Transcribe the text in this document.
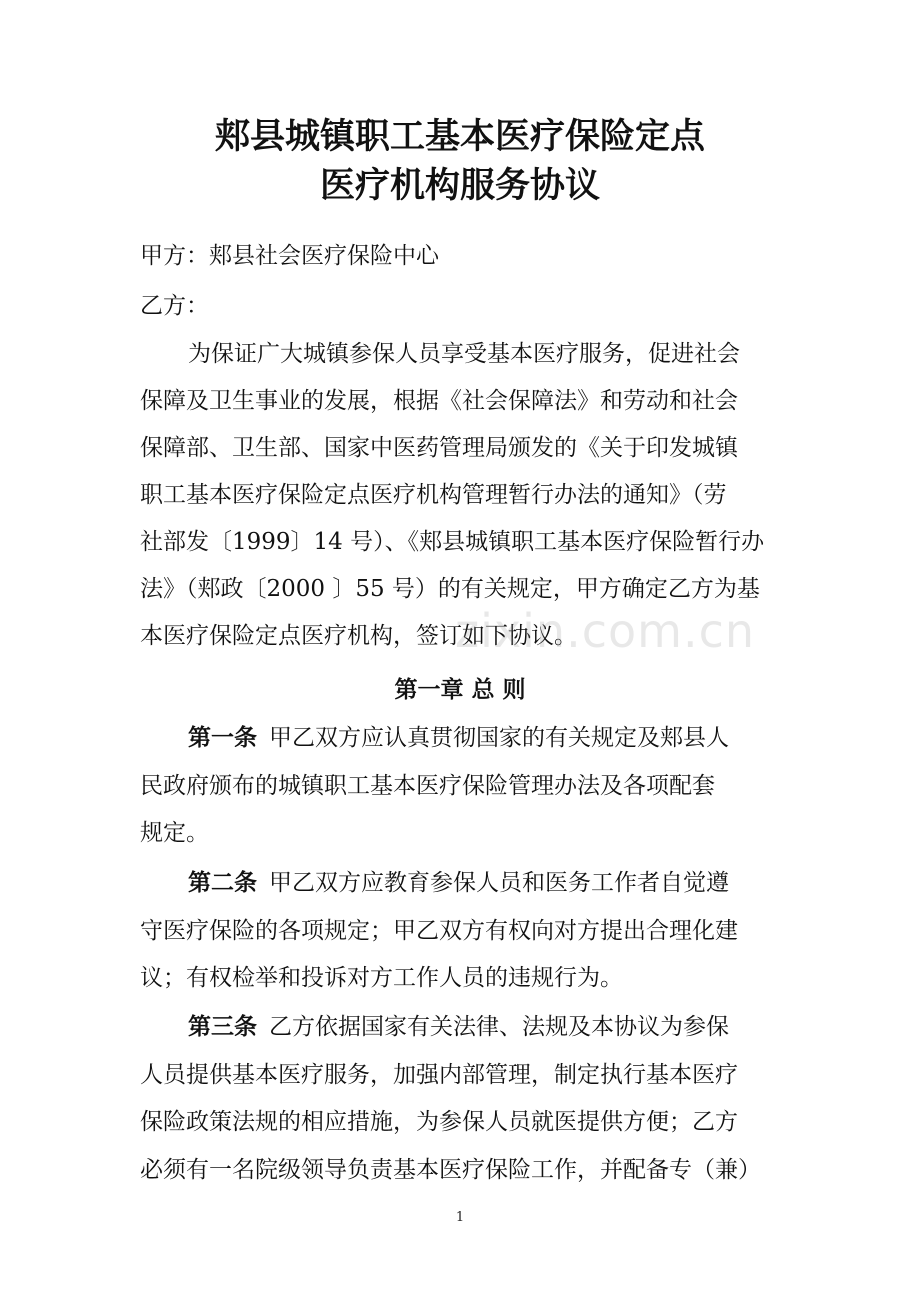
郏县城镇职工基本医疗保险定点
医疗机构服务协议

甲方：郏县社会医疗保险中心

乙方：

为保证广大城镇参保人员享受基本医疗服务，促进社会

保障及卫生事业的发展，根据《社会保障法》和劳动和社会

保障部、卫生部、国家中医药管理局颁发的《关于印发城镇

职工基本医疗保险定点医疗机构管理暂行办法的通知》（劳

社部发〔1999〕14 号）、《郏县城镇职工基本医疗保险暂行办

法》（郏政〔2000 〕55 号）的有关规定，甲方确定乙方为基

本医疗保险定点医疗机构，签订如下协议。

第一章 总 则

第一条 甲乙双方应认真贯彻国家的有关规定及郏县人

民政府颁布的城镇职工基本医疗保险管理办法及各项配套

规定。

第二条 甲乙双方应教育参保人员和医务工作者自觉遵

守医疗保险的各项规定；甲乙双方有权向对方提出合理化建

议；有权检举和投诉对方工作人员的违规行为。

第三条 乙方依据国家有关法律、法规及本协议为参保

人员提供基本医疗服务，加强内部管理，制定执行基本医疗

保险政策法规的相应措施，为参保人员就医提供方便；乙方

必须有一名院级领导负责基本医疗保险工作，并配备专（兼）

zixin.com.cn
1
